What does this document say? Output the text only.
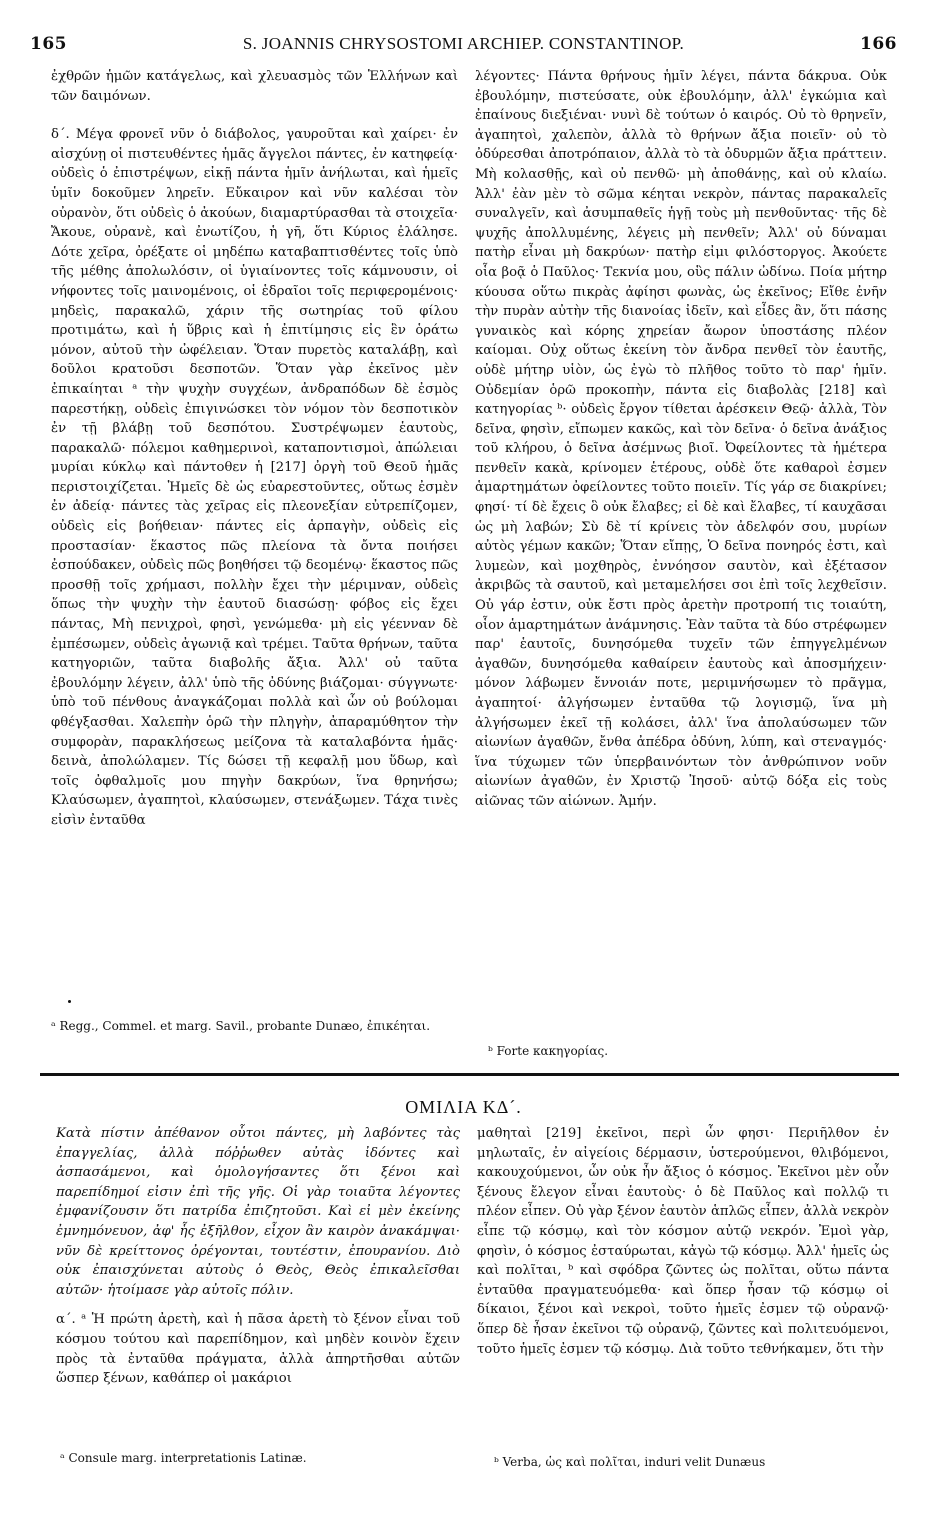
165	S. JOANNIS CHRYSOSTOMI ARCHIEP. CONSTANTINOP.	166

ἐχθρῶν ἡμῶν κατάγελως, καὶ χλευασμὸς τῶν Ἑλλήνων καὶ τῶν δαιμόνων.

δ´. Μέγα φρονεῖ νῦν ὁ διάβολος, γαυροῦται καὶ χαίρει· ἐν αἰσχύνῃ οἱ πιστευθέντες ἡμᾶς ἄγγελοι πάντες, ἐν κατηφείᾳ· οὐδεὶς ὁ ἐπιστρέψων, εἰκῇ πάντα ἡμῖν ἀνήλωται, καὶ ἡμεῖς ὑμῖν δοκοῦμεν ληρεῖν. Εὔκαιρον καὶ νῦν καλέσαι τὸν οὐρανὸν, ὅτι οὐδεὶς ὁ ἀκούων, διαμαρτύρασθαι τὰ στοιχεῖα· Ἄκουε, οὐρανὲ, καὶ ἐνωτίζου, ἡ γῆ, ὅτι Κύριος ἐλάλησε. Δότε χεῖρα, ὀρέξατε οἱ μηδέπω καταβαπτισθέντες τοῖς ὑπὸ τῆς μέθης ἀπολωλόσιν, οἱ ὑγιαίνοντες τοῖς κάμνουσιν, οἱ νήφοντες τοῖς μαινομένοις, οἱ ἑδραῖοι τοῖς περιφερομένοις· μηδεὶς, παρακαλῶ, χάριν τῆς σωτηρίας τοῦ φίλου προτιμάτω, καὶ ἡ ὕβρις καὶ ἡ ἐπιτίμησις εἰς ἓν ὁράτω μόνον, αὐτοῦ τὴν ὠφέλειαν. Ὅταν πυρετὸς καταλάβῃ, καὶ δοῦλοι κρατοῦσι δεσποτῶν. Ὅταν γὰρ ἐκεῖνος μὲν ἐπικαίηται ᵃ τὴν ψυχὴν συγχέων, ἀνδραπόδων δὲ ἐσμὸς παρεστήκῃ, οὐδεὶς ἐπιγινώσκει τὸν νόμον τὸν δεσποτικὸν ἐν τῇ βλάβῃ τοῦ δεσπότου. Συστρέψωμεν ἑαυτοὺς, παρακαλῶ· πόλεμοι καθημερινοὶ, καταποντισμοὶ, ἀπώλειαι μυρίαι κύκλῳ καὶ πάντοθεν ἡ [217] ὀργὴ τοῦ Θεοῦ ἡμᾶς περιστοιχίζεται. Ἡμεῖς δὲ ὡς εὐαρεστοῦντες, οὕτως ἐσμὲν ἐν ἀδείᾳ· πάντες τὰς χεῖρας εἰς πλεονεξίαν εὐτρεπίζομεν, οὐδεὶς εἰς βοήθειαν· πάντες εἰς ἁρπαγὴν, οὐδεὶς εἰς προστασίαν· ἕκαστος πῶς πλείονα τὰ ὄντα ποιήσει ἐσπούδακεν, οὐδεὶς πῶς βοηθήσει τῷ δεομένῳ· ἕκαστος πῶς προσθῇ τοῖς χρήμασι, πολλὴν ἔχει τὴν μέριμναν, οὐδεὶς ὅπως τὴν ψυχὴν τὴν ἑαυτοῦ διασώσῃ· φόβος εἰς ἔχει πάντας, Μὴ πενιχροὶ, φησὶ, γενώμεθα· μὴ εἰς γέενναν δὲ ἐμπέσωμεν, οὐδεὶς ἀγωνιᾷ καὶ τρέμει. Ταῦτα θρήνων, ταῦτα κατηγοριῶν, ταῦτα διαβολῆς ἄξια. Ἀλλ' οὐ ταῦτα ἐβουλόμην λέγειν, ἀλλ' ὑπὸ τῆς ὀδύνης βιάζομαι· σύγγνωτε· ὑπὸ τοῦ πένθους ἀναγκάζομαι πολλὰ καὶ ὧν οὐ βούλομαι φθέγξασθαι. Χαλεπὴν ὁρῶ τὴν πληγὴν, ἀπαραμύθητον τὴν συμφορὰν, παρακλήσεως μείζονα τὰ καταλαβόντα ἡμᾶς· δεινὰ, ἀπολώλαμεν. Τίς δώσει τῇ κεφαλῇ μου ὕδωρ, καὶ τοῖς ὀφθαλμοῖς μου πηγὴν δακρύων, ἵνα θρηνήσω; Κλαύσωμεν, ἀγαπητοὶ, κλαύσωμεν, στενάξωμεν. Τάχα τινὲς εἰσὶν ἐνταῦθα

λέγοντες· Πάντα θρήνους ἡμῖν λέγει, πάντα δάκρυα. Οὐκ ἐβουλόμην, πιστεύσατε, οὐκ ἐβουλόμην, ἀλλ' ἐγκώμια καὶ ἐπαίνους διεξιέναι· νυνὶ δὲ τούτων ὁ καιρός. Οὐ τὸ θρηνεῖν, ἀγαπητοὶ, χαλεπὸν, ἀλλὰ τὸ θρήνων ἄξια ποιεῖν· οὐ τὸ ὀδύρεσθαι ἀποτρόπαιον, ἀλλὰ τὸ τὰ ὀδυρμῶν ἄξια πράττειν. Μὴ κολασθῇς, καὶ οὐ πενθῶ· μὴ ἀποθάνῃς, καὶ οὐ κλαίω. Ἀλλ' ἐὰν μὲν τὸ σῶμα κέηται νεκρὸν, πάντας παρακαλεῖς συναλγεῖν, καὶ ἀσυμπαθεῖς ἡγῇ τοὺς μὴ πενθοῦντας· τῆς δὲ ψυχῆς ἀπολλυμένης, λέγεις μὴ πενθεῖν; Ἀλλ' οὐ δύναμαι πατὴρ εἶναι μὴ δακρύων· πατὴρ εἰμι φιλόστοργος. Ἀκούετε οἷα βοᾷ ὁ Παῦλος· Τεκνία μου, οὓς πάλιν ὠδίνω. Ποία μήτηρ κύουσα οὕτω πικρὰς ἀφίησι φωνὰς, ὡς ἐκεῖνος; Εἴθε ἐνῆν τὴν πυρὰν αὐτὴν τῆς διανοίας ἰδεῖν, καὶ εἶδες ἂν, ὅτι πάσης γυναικὸς καὶ κόρης χηρείαν ἄωρον ὑποστάσης πλέον καίομαι. Οὐχ οὕτως ἐκείνη τὸν ἄνδρα πενθεῖ τὸν ἑαυτῆς, οὐδὲ μήτηρ υἱὸν, ὡς ἐγὼ τὸ πλῆθος τοῦτο τὸ παρ' ἡμῖν. Οὐδεμίαν ὁρῶ προκοπὴν, πάντα εἰς διαβολὰς [218] καὶ κατηγορίας ᵇ· οὐδεὶς ἔργον τίθεται ἀρέσκειν Θεῷ· ἀλλὰ, Τὸν δεῖνα, φησὶν, εἴπωμεν κακῶς, καὶ τὸν δεῖνα· ὁ δεῖνα ἀνάξιος τοῦ κλήρου, ὁ δεῖνα ἀσέμνως βιοῖ. Ὀφείλοντες τὰ ἡμέτερα πενθεῖν κακὰ, κρίνομεν ἑτέρους, οὐδὲ ὅτε καθαροὶ ἐσμεν ἁμαρτημάτων ὀφείλοντες τοῦτο ποιεῖν. Τίς γάρ σε διακρίνει; φησί· τί δὲ ἔχεις ὃ οὐκ ἔλαβες; εἰ δὲ καὶ ἔλαβες, τί καυχᾶσαι ὡς μὴ λαβών; Σὺ δὲ τί κρίνεις τὸν ἀδελφόν σου, μυρίων αὐτὸς γέμων κακῶν; Ὅταν εἴπῃς, Ὁ δεῖνα πονηρός ἐστι, καὶ λυμεὼν, καὶ μοχθηρὸς, ἐννόησον σαυτὸν, καὶ ἐξέτασον ἀκριβῶς τὰ σαυτοῦ, καὶ μεταμελήσει σοι ἐπὶ τοῖς λεχθεῖσιν. Οὐ γάρ ἐστιν, οὐκ ἔστι πρὸς ἀρετὴν προτροπή τις τοιαύτη, οἷον ἁμαρτημάτων ἀνάμνησις. Ἐὰν ταῦτα τὰ δύο στρέφωμεν παρ' ἑαυτοῖς, δυνησόμεθα τυχεῖν τῶν ἐπηγγελμένων ἀγαθῶν, δυνησόμεθα καθαίρειν ἑαυτοὺς καὶ ἀποσμήχειν· μόνον λάβωμεν ἔννοιάν ποτε, μεριμνήσωμεν τὸ πρᾶγμα, ἀγαπητοί· ἀλγήσωμεν ἐνταῦθα τῷ λογισμῷ, ἵνα μὴ ἀλγήσωμεν ἐκεῖ τῇ κολάσει, ἀλλ' ἵνα ἀπολαύσωμεν τῶν αἰωνίων ἀγαθῶν, ἔνθα ἀπέδρα ὀδύνη, λύπη, καὶ στεναγμός· ἵνα τύχωμεν τῶν ὑπερβαινόντων τὸν ἀνθρώπινον νοῦν αἰωνίων ἀγαθῶν, ἐν Χριστῷ Ἰησοῦ· αὐτῷ δόξα εἰς τοὺς αἰῶνας τῶν αἰώνων. Ἀμήν.

ᵃ Regg., Commel. et marg. Savil., probante Dunæo, ἐπικέηται.
ᵇ Forte κακηγορίας.
ΟΜΙΛΙΑ ΚΔ´.

Κατὰ πίστιν ἀπέθανον οὗτοι πάντες, μὴ λαβόντες τὰς ἐπαγγελίας, ἀλλὰ πόῤῥωθεν αὐτὰς ἰδόντες καὶ ἀσπασάμενοι, καὶ ὁμολογήσαντες ὅτι ξένοι καὶ παρεπίδημοί εἰσιν ἐπὶ τῆς γῆς. Οἱ γὰρ τοιαῦτα λέγοντες ἐμφανίζουσιν ὅτι πατρίδα ἐπιζητοῦσι. Καὶ εἰ μὲν ἐκείνης ἐμνημόνευον, ἀφ' ἧς ἐξῆλθον, εἶχον ἂν καιρὸν ἀνακάμψαι· νῦν δὲ κρείττονος ὀρέγονται, τουτέστιν, ἐπουρανίου. Διὸ οὐκ ἐπαισχύνεται αὐτοὺς ὁ Θεὸς, Θεὸς ἐπικαλεῖσθαι αὐτῶν· ἡτοίμασε γὰρ αὐτοῖς πόλιν.

α´. ᵃ Ἡ πρώτη ἀρετὴ, καὶ ἡ πᾶσα ἀρετὴ τὸ ξένον εἶναι τοῦ κόσμου τούτου καὶ παρεπίδημον, καὶ μηδὲν κοινὸν ἔχειν πρὸς τὰ ἐνταῦθα πράγματα, ἀλλὰ ἀπηρτῆσθαι αὐτῶν ὥσπερ ξένων, καθάπερ οἱ μακάριοι

μαθηταὶ [219] ἐκεῖνοι, περὶ ὧν φησι· Περιῆλθον ἐν μηλωταῖς, ἐν αἰγείοις δέρμασιν, ὑστερούμενοι, θλιβόμενοι, κακουχούμενοι, ὧν οὐκ ἦν ἄξιος ὁ κόσμος. Ἐκεῖνοι μὲν οὖν ξένους ἔλεγον εἶναι ἑαυτοὺς· ὁ δὲ Παῦλος καὶ πολλῷ τι πλέον εἶπεν. Οὐ γὰρ ξένον ἑαυτὸν ἁπλῶς εἶπεν, ἀλλὰ νεκρὸν εἶπε τῷ κόσμῳ, καὶ τὸν κόσμον αὐτῷ νεκρόν. Ἐμοὶ γὰρ, φησὶν, ὁ κόσμος ἐσταύρωται, κἀγὼ τῷ κόσμῳ. Ἀλλ' ἡμεῖς ὡς καὶ πολῖται, ᵇ καὶ σφόδρα ζῶντες ὡς πολῖται, οὕτω πάντα ἐνταῦθα πραγματευόμεθα· καὶ ὅπερ ἦσαν τῷ κόσμῳ οἱ δίκαιοι, ξένοι καὶ νεκροὶ, τοῦτο ἡμεῖς ἐσμεν τῷ οὐρανῷ· ὅπερ δὲ ἦσαν ἐκεῖνοι τῷ οὐρανῷ, ζῶντες καὶ πολιτευόμενοι, τοῦτο ἡμεῖς ἐσμεν τῷ κόσμῳ. Διὰ τοῦτο τεθνήκαμεν, ὅτι τὴν

ᵃ Consule marg. interpretationis Latinæ.	ᵇ Verba, ὡς καὶ πολῖται, induri velit Dunæus
